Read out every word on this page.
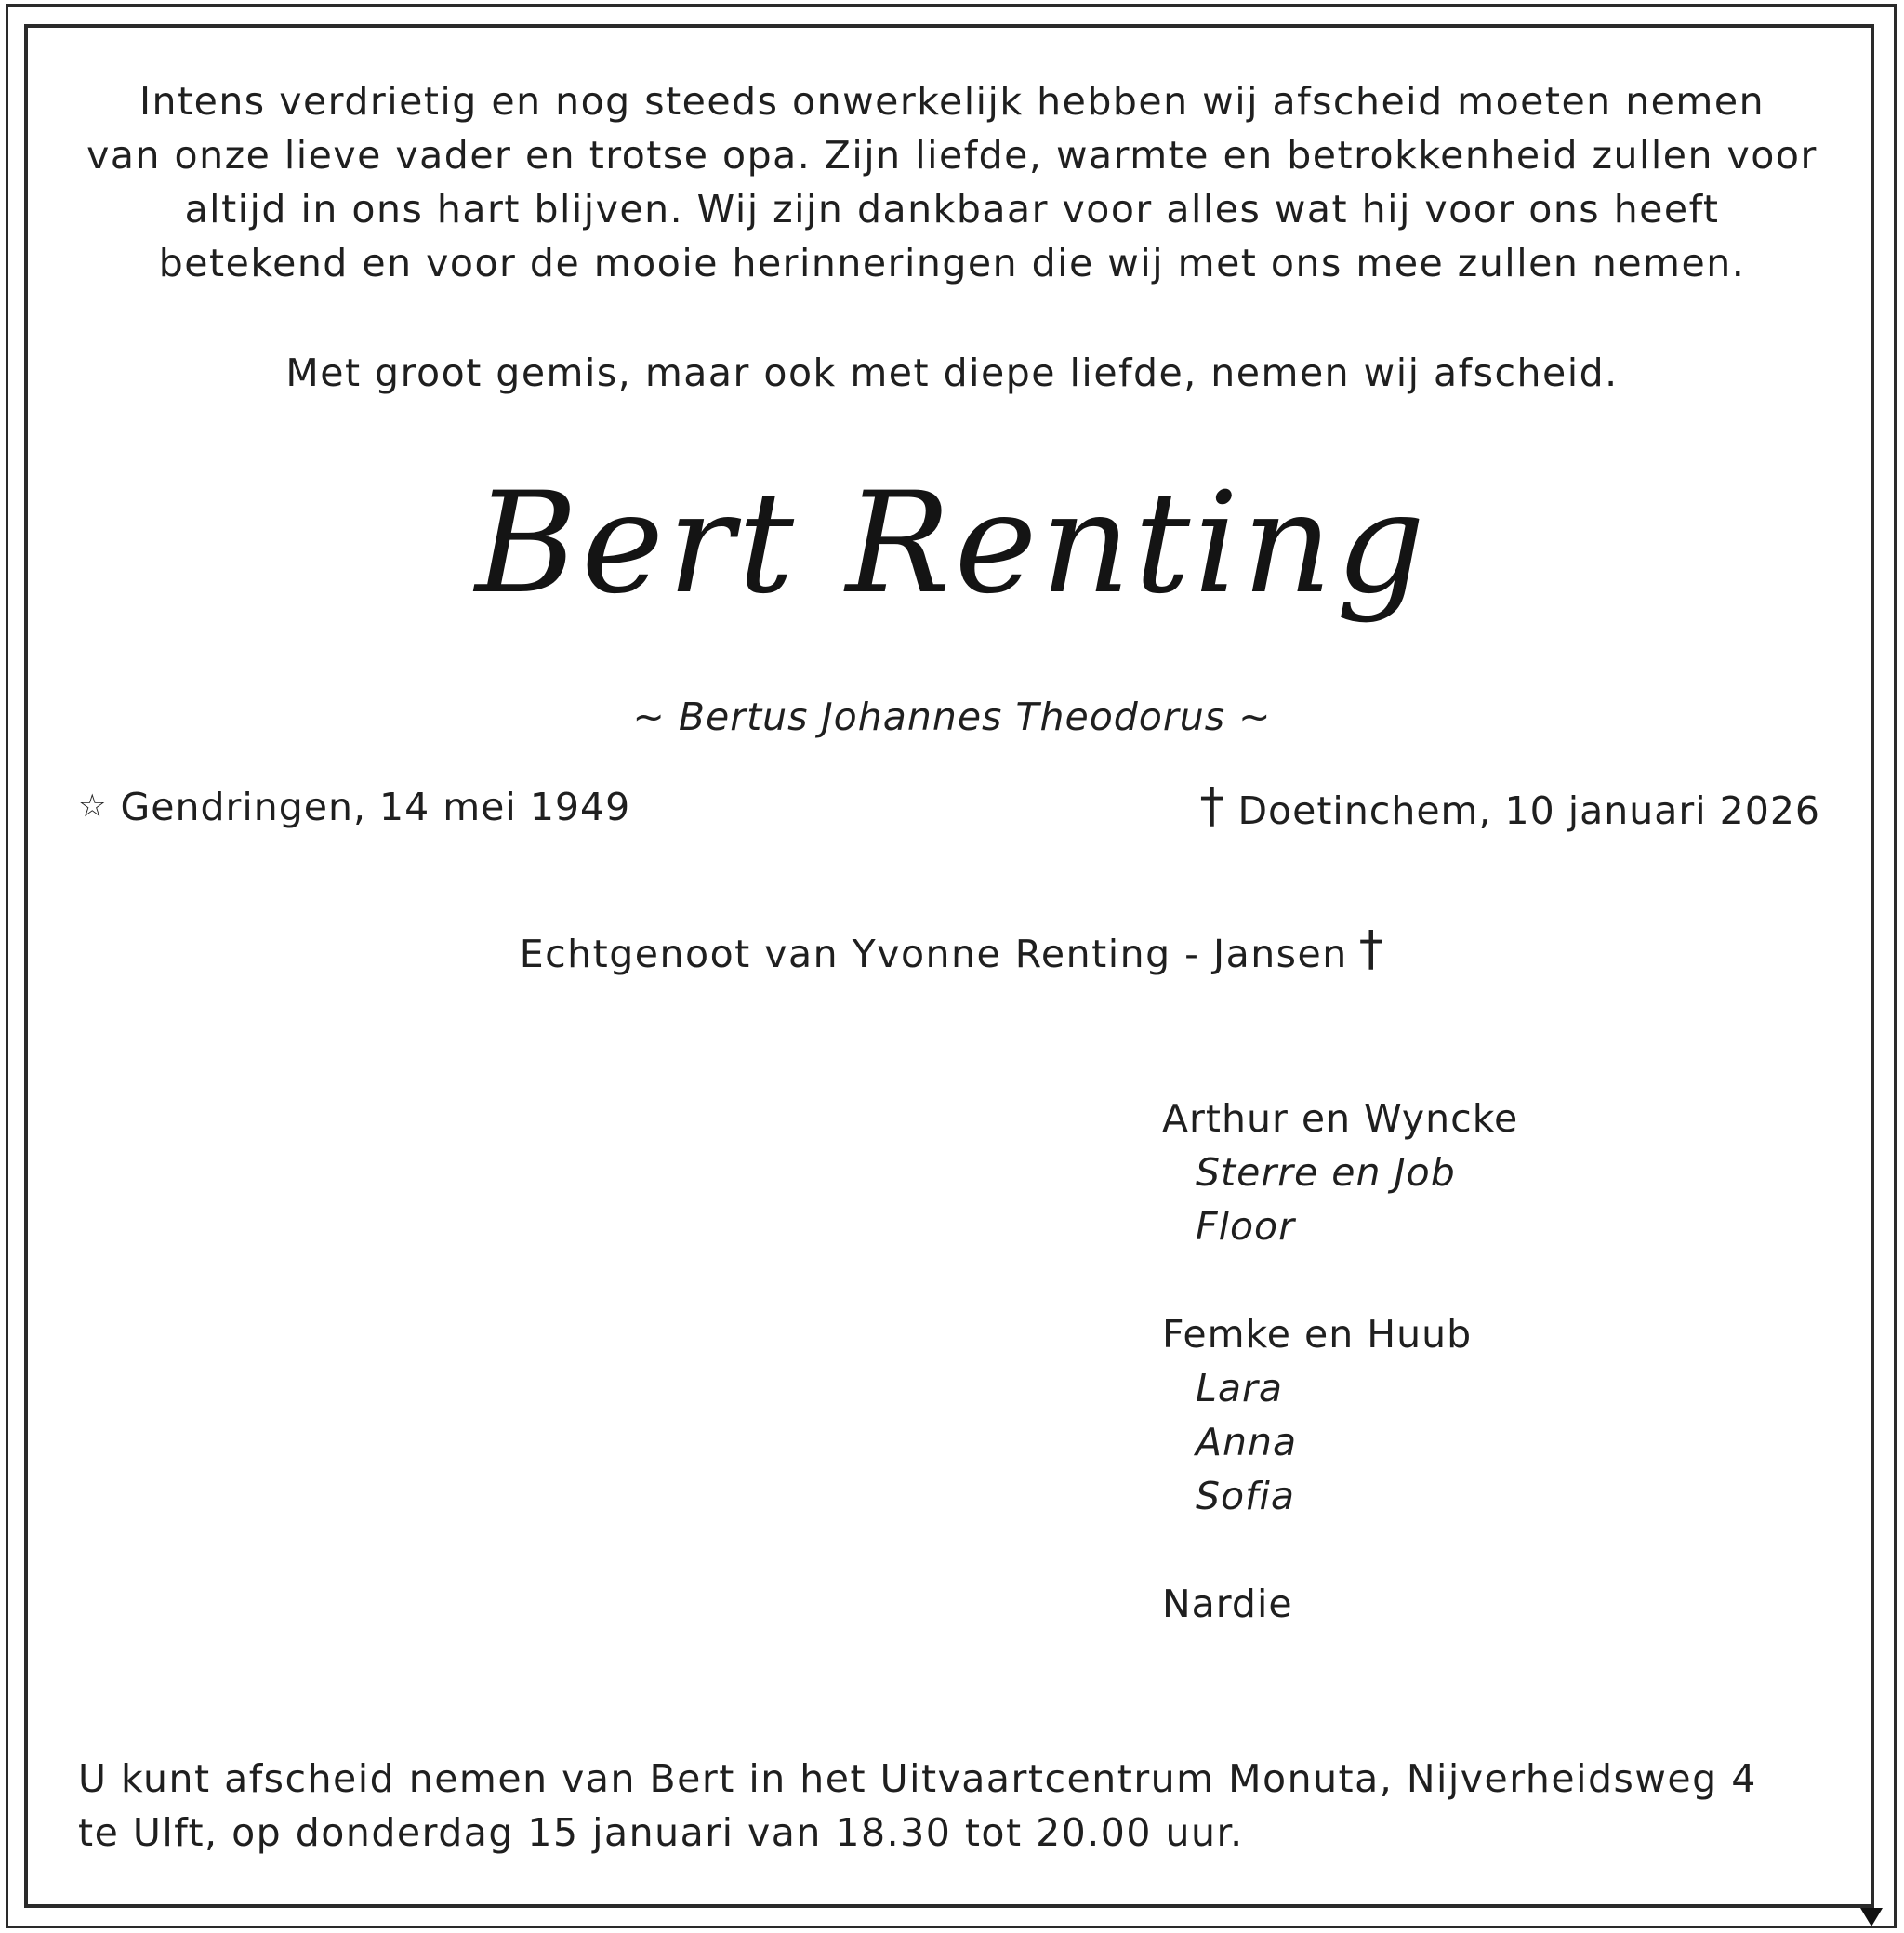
Intens verdrietig en nog steeds onwerkelijk hebben wij afscheid moeten nemen

van onze lieve vader en trotse opa. Zijn liefde, warmte en betrokkenheid zullen voor

altijd in ons hart blijven. Wij zijn dankbaar voor alles wat hij voor ons heeft

betekend en voor de mooie herinneringen die wij met ons mee zullen nemen.

Met groot gemis, maar ook met diepe liefde, nemen wij afscheid.
Bert Renting
~ Bertus Johannes Theodorus ~
☆ Gendringen, 14 mei 1949	† Doetinchem, 10 januari 2026
Echtgenoot van Yvonne Renting - Jansen †
Arthur en Wyncke
Sterre en Job
Floor
Femke en Huub
Lara
Anna
Sofia
Nardie

U kunt afscheid nemen van Bert in het Uitvaartcentrum Monuta, Nijverheidsweg 4

te Ulft, op donderdag 15 januari van 18.30 tot 20.00 uur.
